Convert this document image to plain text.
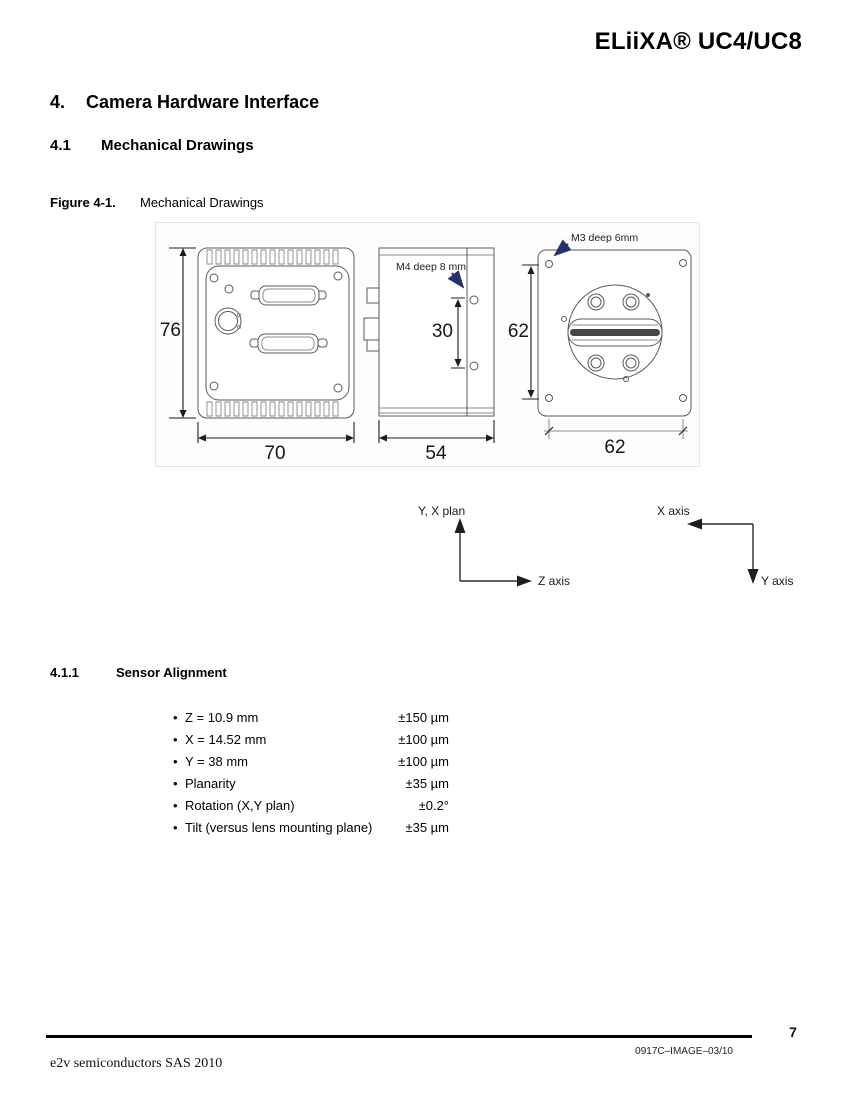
ELiiXA® UC4/UC8
4.	Camera Hardware Interface
4.1	Mechanical Drawings
Figure 4-1.	Mechanical Drawings
76
70
M4 deep 8 mm
30
54
M3 deep 6mm
62
62
Y, X plan
Z axis
X axis
Y axis
4.1.1	Sensor Alignment
•
Z = 10.9 mm	±150 µm
•
X = 14.52 mm	±100 µm
•
Y = 38 mm	±100 µm
•
Planarity	±35 µm
•
Rotation (X,Y plan)	±0.2°
•
Tilt (versus lens mounting plane)	±35 µm
7
0917C–IMAGE–03/10
e2v semiconductors SAS 2010
